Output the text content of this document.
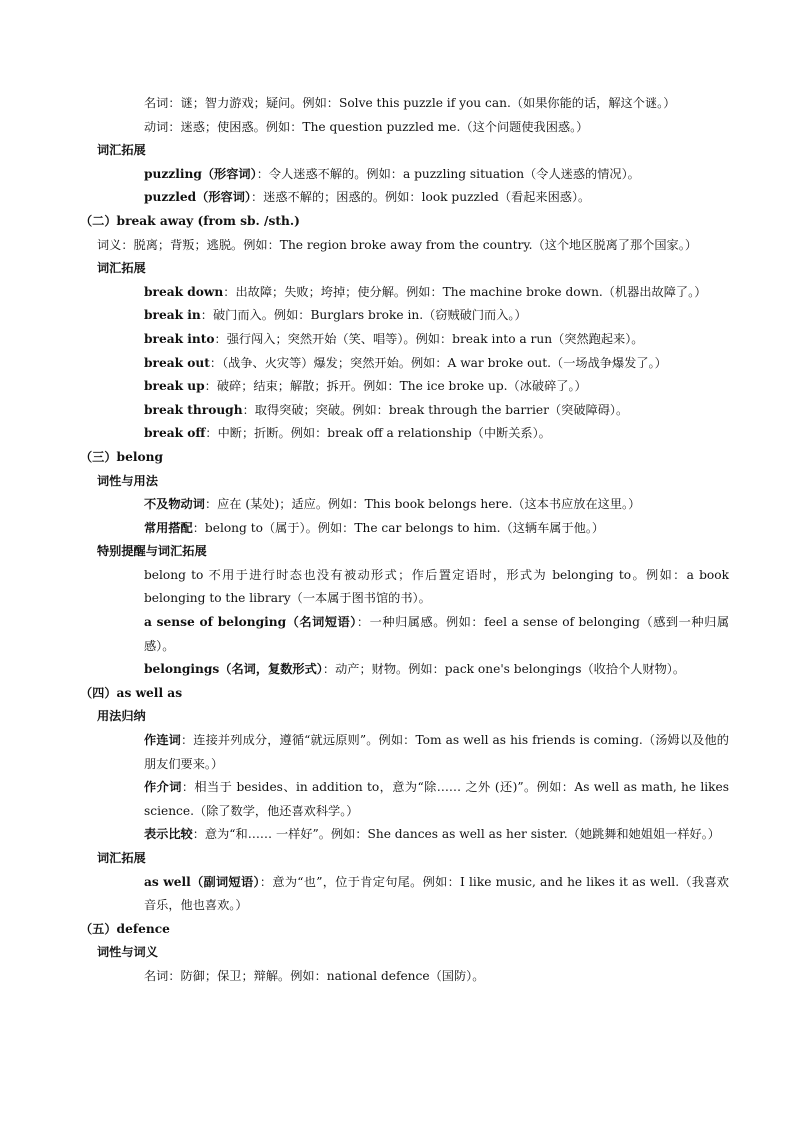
名词：谜；智力游戏；疑问。例如：Solve this puzzle if you can.（如果你能的话，解这个谜。）
动词：迷惑；使困惑。例如：The question puzzled me.（这个问题使我困惑。）
词汇拓展
puzzling（形容词）：令人迷惑不解的。例如：a puzzling situation（令人迷惑的情况）。
puzzled（形容词）：迷惑不解的；困惑的。例如：look puzzled（看起来困惑）。
（二）break away (from sb. /sth.)
词义：脱离；背叛；逃脱。例如：The region broke away from the country.（这个地区脱离了那个国家。）
词汇拓展
break down：出故障；失败；垮掉；使分解。例如：The machine broke down.（机器出故障了。）
break in：破门而入。例如：Burglars broke in.（窃贼破门而入。）
break into：强行闯入；突然开始（笑、唱等）。例如：break into a run（突然跑起来）。
break out：（战争、火灾等）爆发；突然开始。例如：A war broke out.（一场战争爆发了。）
break up：破碎；结束；解散；拆开。例如：The ice broke up.（冰破碎了。）
break through：取得突破；突破。例如：break through the barrier（突破障碍）。
break off：中断；折断。例如：break off a relationship（中断关系）。
（三）belong
词性与用法
不及物动词：应在 (某处)；适应。例如：This book belongs here.（这本书应放在这里。）
常用搭配：belong to（属于）。例如：The car belongs to him.（这辆车属于他。）
特别提醒与词汇拓展
belong to 不用于进行时态也没有被动形式；作后置定语时，形式为 belonging to。例如：a book belonging to the library（一本属于图书馆的书）。
a sense of belonging（名词短语）：一种归属感。例如：feel a sense of belonging（感到一种归属感）。
belongings（名词，复数形式）：动产；财物。例如：pack one's belongings（收拾个人财物）。
（四）as well as
用法归纳
作连词：连接并列成分，遵循“就远原则”。例如：Tom as well as his friends is coming.（汤姆以及他的朋友们要来。）
作介词：相当于 besides、in addition to，意为“除…… 之外 (还)”。例如：As well as math, he likes science.（除了数学，他还喜欢科学。）
表示比较：意为“和…… 一样好”。例如：She dances as well as her sister.（她跳舞和她姐姐一样好。）
词汇拓展
as well（副词短语）：意为“也”，位于肯定句尾。例如：I like music, and he likes it as well.（我喜欢音乐，他也喜欢。）
（五）defence
词性与词义
名词：防御；保卫；辩解。例如：national defence（国防）。
